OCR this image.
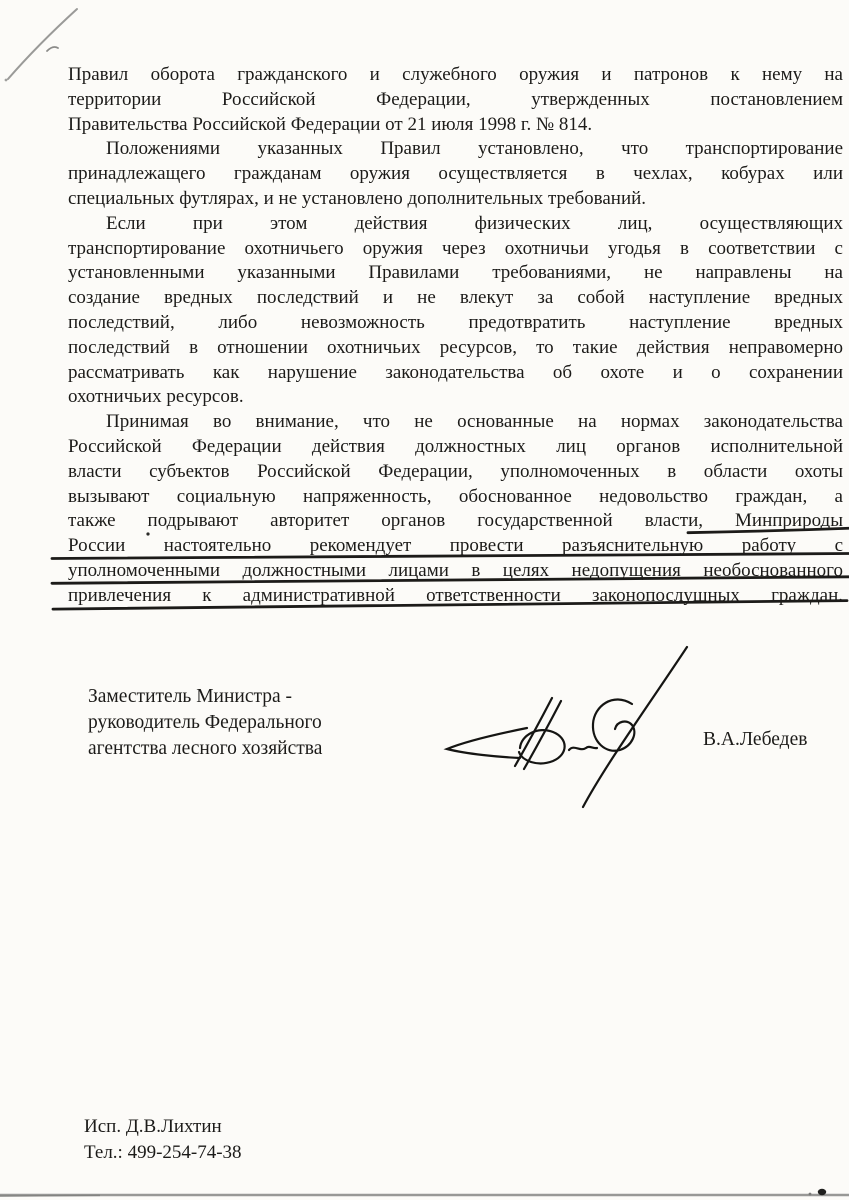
Правил оборота гражданского и служебного оружия и патронов к нему на
территории Российской Федерации, утвержденных постановлением
Правительства Российской Федерации от 21 июля 1998 г. № 814.
Положениями указанных Правил установлено, что транспортирование
принадлежащего гражданам оружия осуществляется в чехлах, кобурах или
специальных футлярах, и не установлено дополнительных требований.
Если при этом действия физических лиц, осуществляющих
транспортирование охотничьего оружия через охотничьи угодья в соответствии с
установленными указанными Правилами требованиями, не направлены на
создание вредных последствий и не влекут за собой наступление вредных
последствий, либо невозможность предотвратить наступление вредных
последствий в отношении охотничьих ресурсов, то такие действия неправомерно
рассматривать как нарушение законодательства об охоте и о сохранении
охотничьих ресурсов.
Принимая во внимание, что не основанные на нормах законодательства
Российской Федерации действия должностных лиц органов исполнительной
власти субъектов Российской Федерации, уполномоченных в области охоты
вызывают социальную напряженность, обоснованное недовольство граждан, а
также подрывают авторитет органов государственной власти, Минприроды
России настоятельно рекомендует провести разъяснительную работу с
уполномоченными должностными лицами в целях недопущения необоснованного
привлечения к административной ответственности законопослушных граждан.
Заместитель Министра -
руководитель Федерального
агентства лесного хозяйства	В.А.Лебедев
Исп. Д.В.Лихтин
Тел.: 499-254-74-38
